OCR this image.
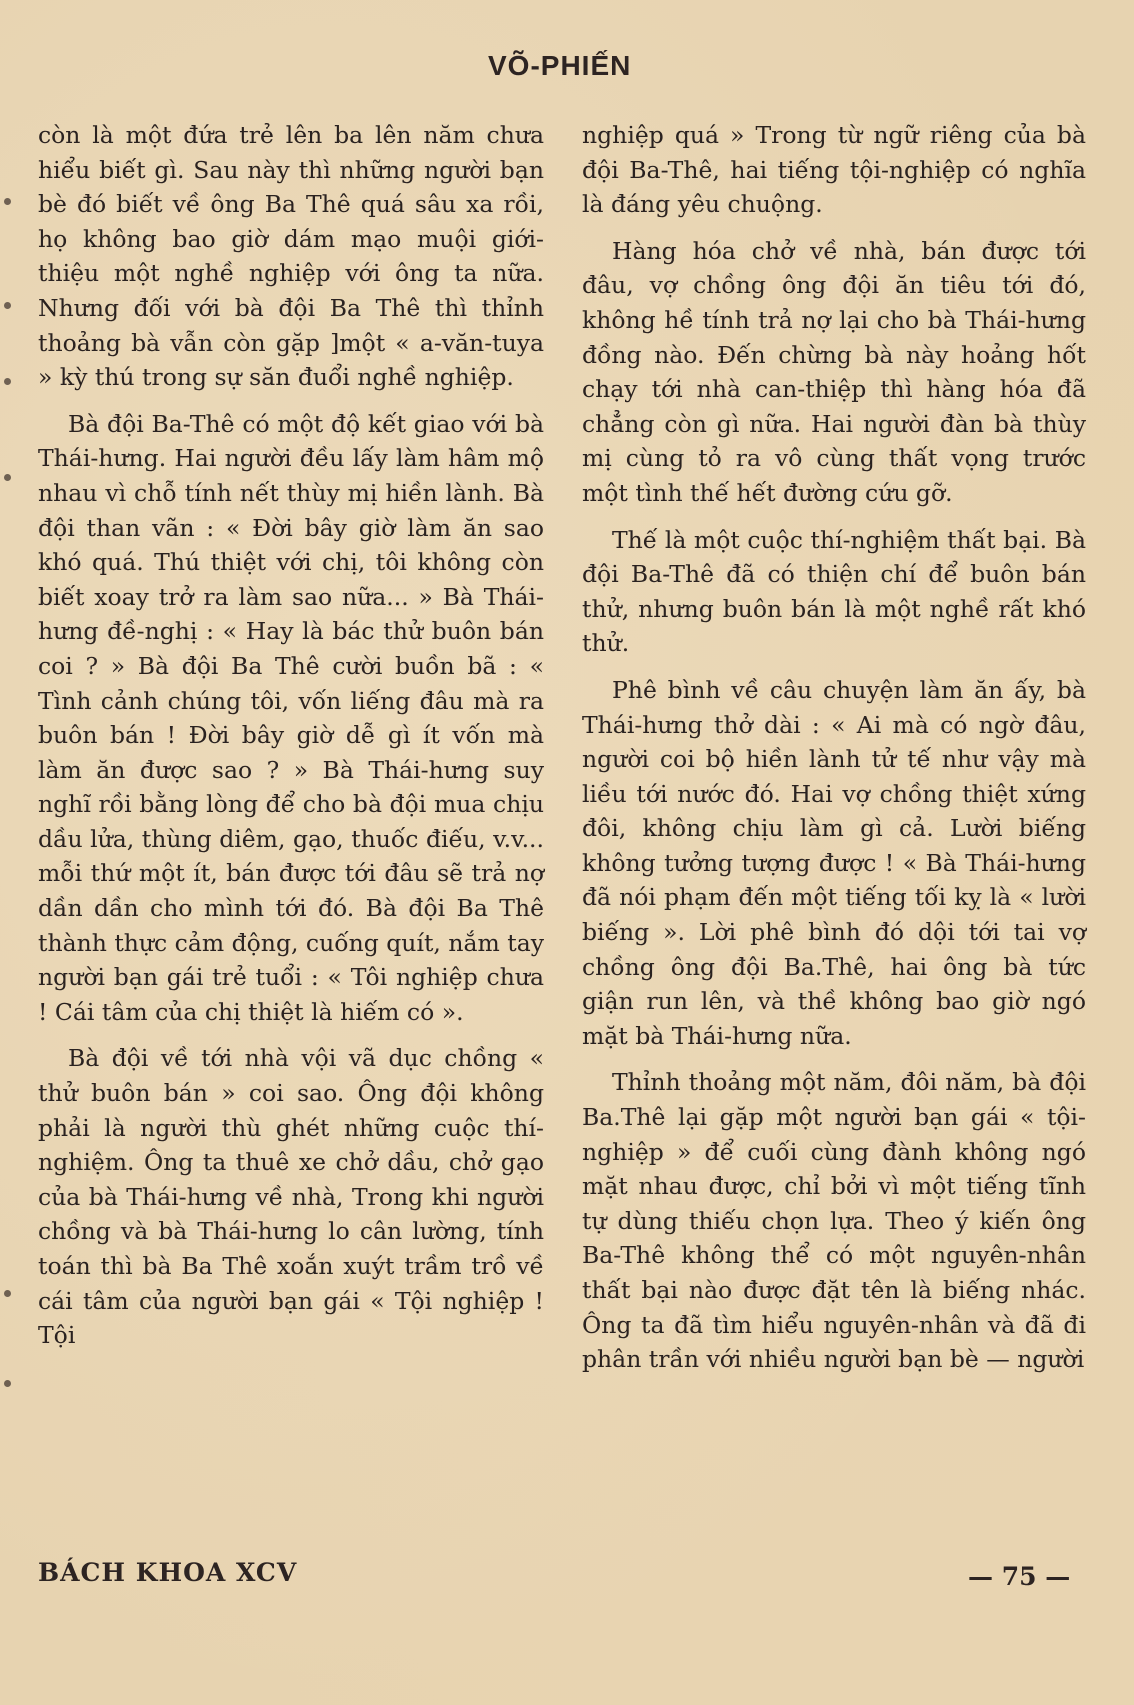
VÕ-PHIẾN

còn là một đứa trẻ lên ba lên năm chưa hiểu biết gì. Sau này thì những người bạn bè đó biết về ông Ba Thê quá sâu xa rồi, họ không bao giờ dám mạo muội giới-thiệu một nghề nghiệp với ông ta nữa. Nhưng đối với bà đội Ba Thê thì thỉnh thoảng bà vẫn còn gặp ]một « a-văn-tuya » kỳ thú trong sự săn đuổi nghề nghiệp.

Bà đội Ba-Thê có một độ kết giao với bà Thái-hưng. Hai người đều lấy làm hâm mộ nhau vì chỗ tính nết thùy mị hiền lành. Bà đội than vãn : « Đời bây giờ làm ăn sao khó quá. Thú thiệt với chị, tôi không còn biết xoay trở ra làm sao nữa... » Bà Thái-hưng đề-nghị : « Hay là bác thử buôn bán coi ? » Bà đội Ba Thê cười buồn bã : « Tình cảnh chúng tôi, vốn liếng đâu mà ra buôn bán ! Đời bây giờ dễ gì ít vốn mà làm ăn được sao ? » Bà Thái-hưng suy nghĩ rồi bằng lòng để cho bà đội mua chịu dầu lửa, thùng diêm, gạo, thuốc điếu, v.v... mỗi thứ một ít, bán được tới đâu sẽ trả nợ dần dần cho mình tới đó. Bà đội Ba Thê thành thực cảm động, cuống quít, nắm tay người bạn gái trẻ tuổi : « Tôi nghiệp chưa ! Cái tâm của chị thiệt là hiếm có ».

Bà đội về tới nhà vội vã dục chồng « thử buôn bán » coi sao. Ông đội không phải là người thù ghét những cuộc thí-nghiệm. Ông ta thuê xe chở dầu, chở gạo của bà Thái-hưng về nhà, Trong khi người chồng và bà Thái-hưng lo cân lường, tính toán thì bà Ba Thê xoắn xuýt trầm trồ về cái tâm của người bạn gái « Tội nghiệp ! Tội

nghiệp quá » Trong từ ngữ riêng của bà đội Ba-Thê, hai tiếng tội-nghiệp có nghĩa là đáng yêu chuộng.

Hàng hóa chở về nhà, bán được tới đâu, vợ chồng ông đội ăn tiêu tới đó, không hề tính trả nợ lại cho bà Thái-hưng đồng nào. Đến chừng bà này hoảng hốt chạy tới nhà can-thiệp thì hàng hóa đã chẳng còn gì nữa. Hai người đàn bà thùy mị cùng tỏ ra vô cùng thất vọng trước một tình thế hết đường cứu gỡ.

Thế là một cuộc thí-nghiệm thất bại. Bà đội Ba-Thê đã có thiện chí để buôn bán thử, nhưng buôn bán là một nghề rất khó thử.

Phê bình về câu chuyện làm ăn ấy, bà Thái-hưng thở dài : « Ai mà có ngờ đâu, người coi bộ hiền lành tử tế như vậy mà liều tới nước đó. Hai vợ chồng thiệt xứng đôi, không chịu làm gì cả. Lười biếng không tưởng tượng được ! « Bà Thái-hưng đã nói phạm đến một tiếng tối kỵ là « lười biếng ». Lời phê bình đó dội tới tai vợ chồng ông đội Ba.Thê, hai ông bà tức giận run lên, và thề không bao giờ ngó mặt bà Thái-hưng nữa.

Thỉnh thoảng một năm, đôi năm, bà đội Ba.Thê lại gặp một người bạn gái « tội-nghiệp » để cuối cùng đành không ngó mặt nhau được, chỉ bởi vì một tiếng tĩnh tự dùng thiếu chọn lựa. Theo ý kiến ông Ba-Thê không thể có một nguyên-nhân thất bại nào được đặt tên là biếng nhác. Ông ta đã tìm hiểu nguyên-nhân và đã đi phân trần với nhiều người bạn bè — người

BÁCH KHOA XCV	— 75 —
